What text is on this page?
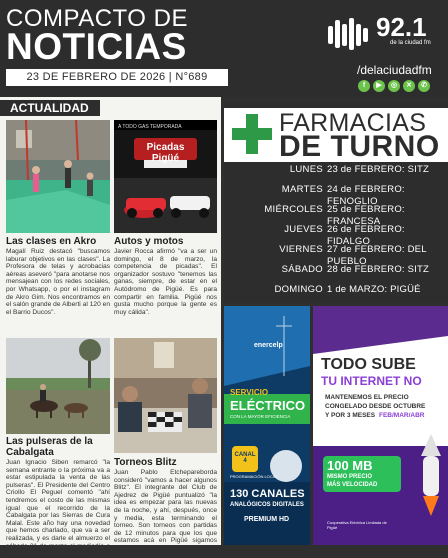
COMPACTO DE
NOTICIAS
23 DE FEBRERO DE 2026 | N°689
92.1
de la ciudad fm
/delaciudadfm
f	▶	◎	✕	✆
ACTUALIDAD
Las clases en Akro
Magalí Ruiz destacó "buscamos laburar objetivos en las clases". La Profesora de telas y acrobacias aéreas aseveró "para anotarse nos mensajean con los redes sociales, por Whatsapp, o por el instagram de Akro Gim. Nos encontramos en el salón grande de Alberti al 120 en el Barrio Ducos".
A TODO GAS TEMPORADA
Picadas Pigüé
Autos y motos
Javier Rocca afirmó "va a ser un domingo, el 8 de marzo, la competencia de picadas". El organizador sostuvo "tenemos las ganas, siempre, de estar en el Autódromo de Pigüé. Es para compartir en familia. Pigüé nos gusta mucho porque la gente es muy cálida".
Las pulseras de la Cabalgata
Juan Ignacio Siben remarcó "la semana entrante o la próxima va a estar estipulada la venta de las pulseras". El Presidente del Centro Criollo El Peguel comentó "ahí tendremos el costo de las mismas igual que el recorrido de la Cabalgata por las Sierras de Cura Malal. Este año hay una novedad que hemos charlado, que va a ser realizada, y es darle el almuerzo el sábado 21 de marzo al mediodía a los que compren la pulsera".
Torneos Blitz
Juan Pablo Etchepareborda consideró "vamos a hacer algunos Blitz". El integrante del Club de Ajedrez de Pigüé puntualizó "la idea es empezar para las nuevas de la noche, y ahí, después, once y media, esta terminando el torneo. Son torneos con partidas de 12 minutos para que los que estamos acá en Pigüé sigamos jugando un poco".
FARMACIAS
DE TURNO
LUNES 23 de FEBRERO: SITZ
MARTES 24 de FEBRERO: FENOGLIO
MIÉRCOLES 25 de FEBRERO: FRANCESA
JUEVES 26 de FEBRERO: FIDALGO
VIERNES 27 de FEBRERO: DEL PUEBLO
SÁBADO 28 de FEBRERO: SITZ
DOMINGO 1 de MARZO: PIGÜÉ
enercelp
SERVICIO
ELÉCTRICO
CON LA MAYOR EFICIENCIA
CANAL 4
PROGRAMACIÓN LOCAL
130 CANALES
ANALÓGICOS DIGITALES
PREMIUM HD
TODO SUBE
TU INTERNET NO
MANTENEMOS EL PRECIO
CONGELADO DESDE OCTUBRE
Y POR 3 MESES FEB/MAR/ABR
100 MB
MISMO PRECIO
MÁS VELOCIDAD
Cooperativa Eléctrica Limitada de Pigüé
